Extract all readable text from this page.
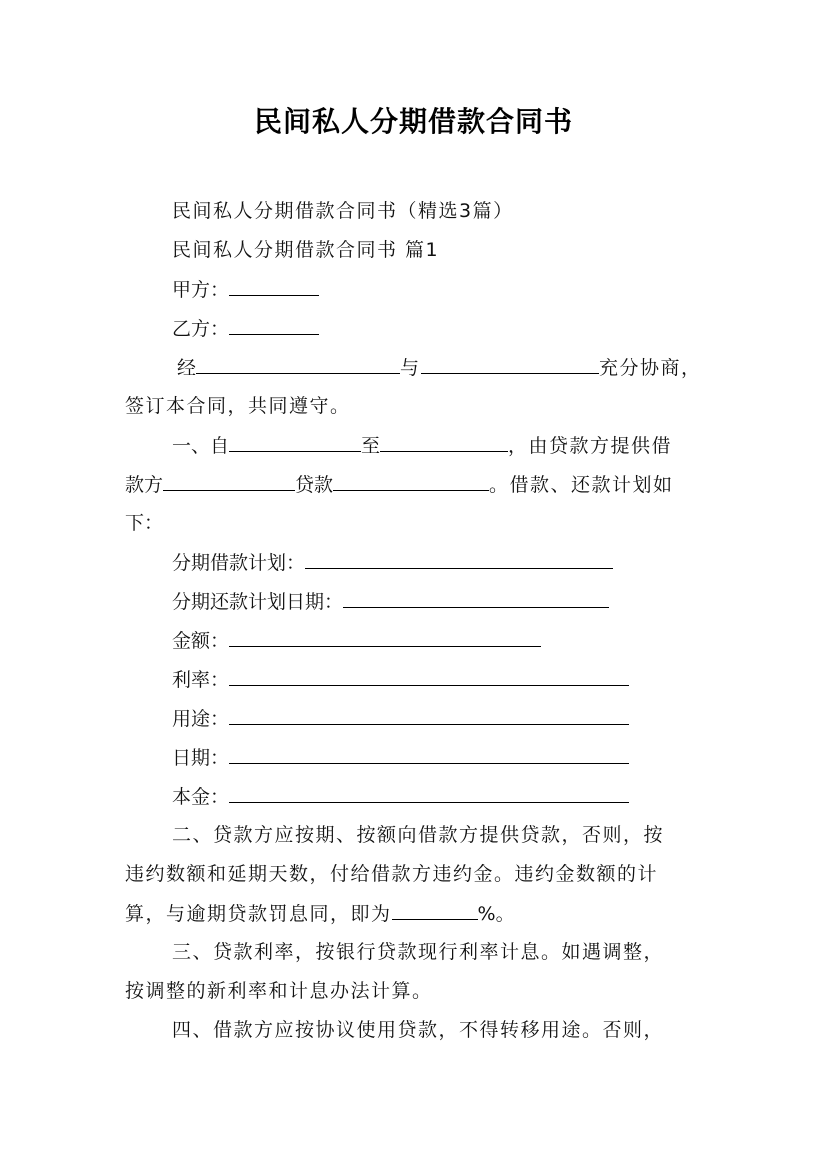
民间私人分期借款合同书
民间私人分期借款合同书（精选3篇）
民间私人分期借款合同书 篇1
甲方：
乙方：
经	与	充分协商，
签订本合同，共同遵守。
一、自	至	，由贷款方提供借
款方	贷款	。借款、还款计划如
下：
分期借款计划：
分期还款计划日期：
金额：
利率：
用途：
日期：
本金：
二、贷款方应按期、按额向借款方提供贷款，否则，按
违约数额和延期天数，付给借款方违约金。违约金数额的计
算，与逾期贷款罚息同，即为	%。
三、贷款利率，按银行贷款现行利率计息。如遇调整，
按调整的新利率和计息办法计算。
四、借款方应按协议使用贷款，不得转移用途。否则，
